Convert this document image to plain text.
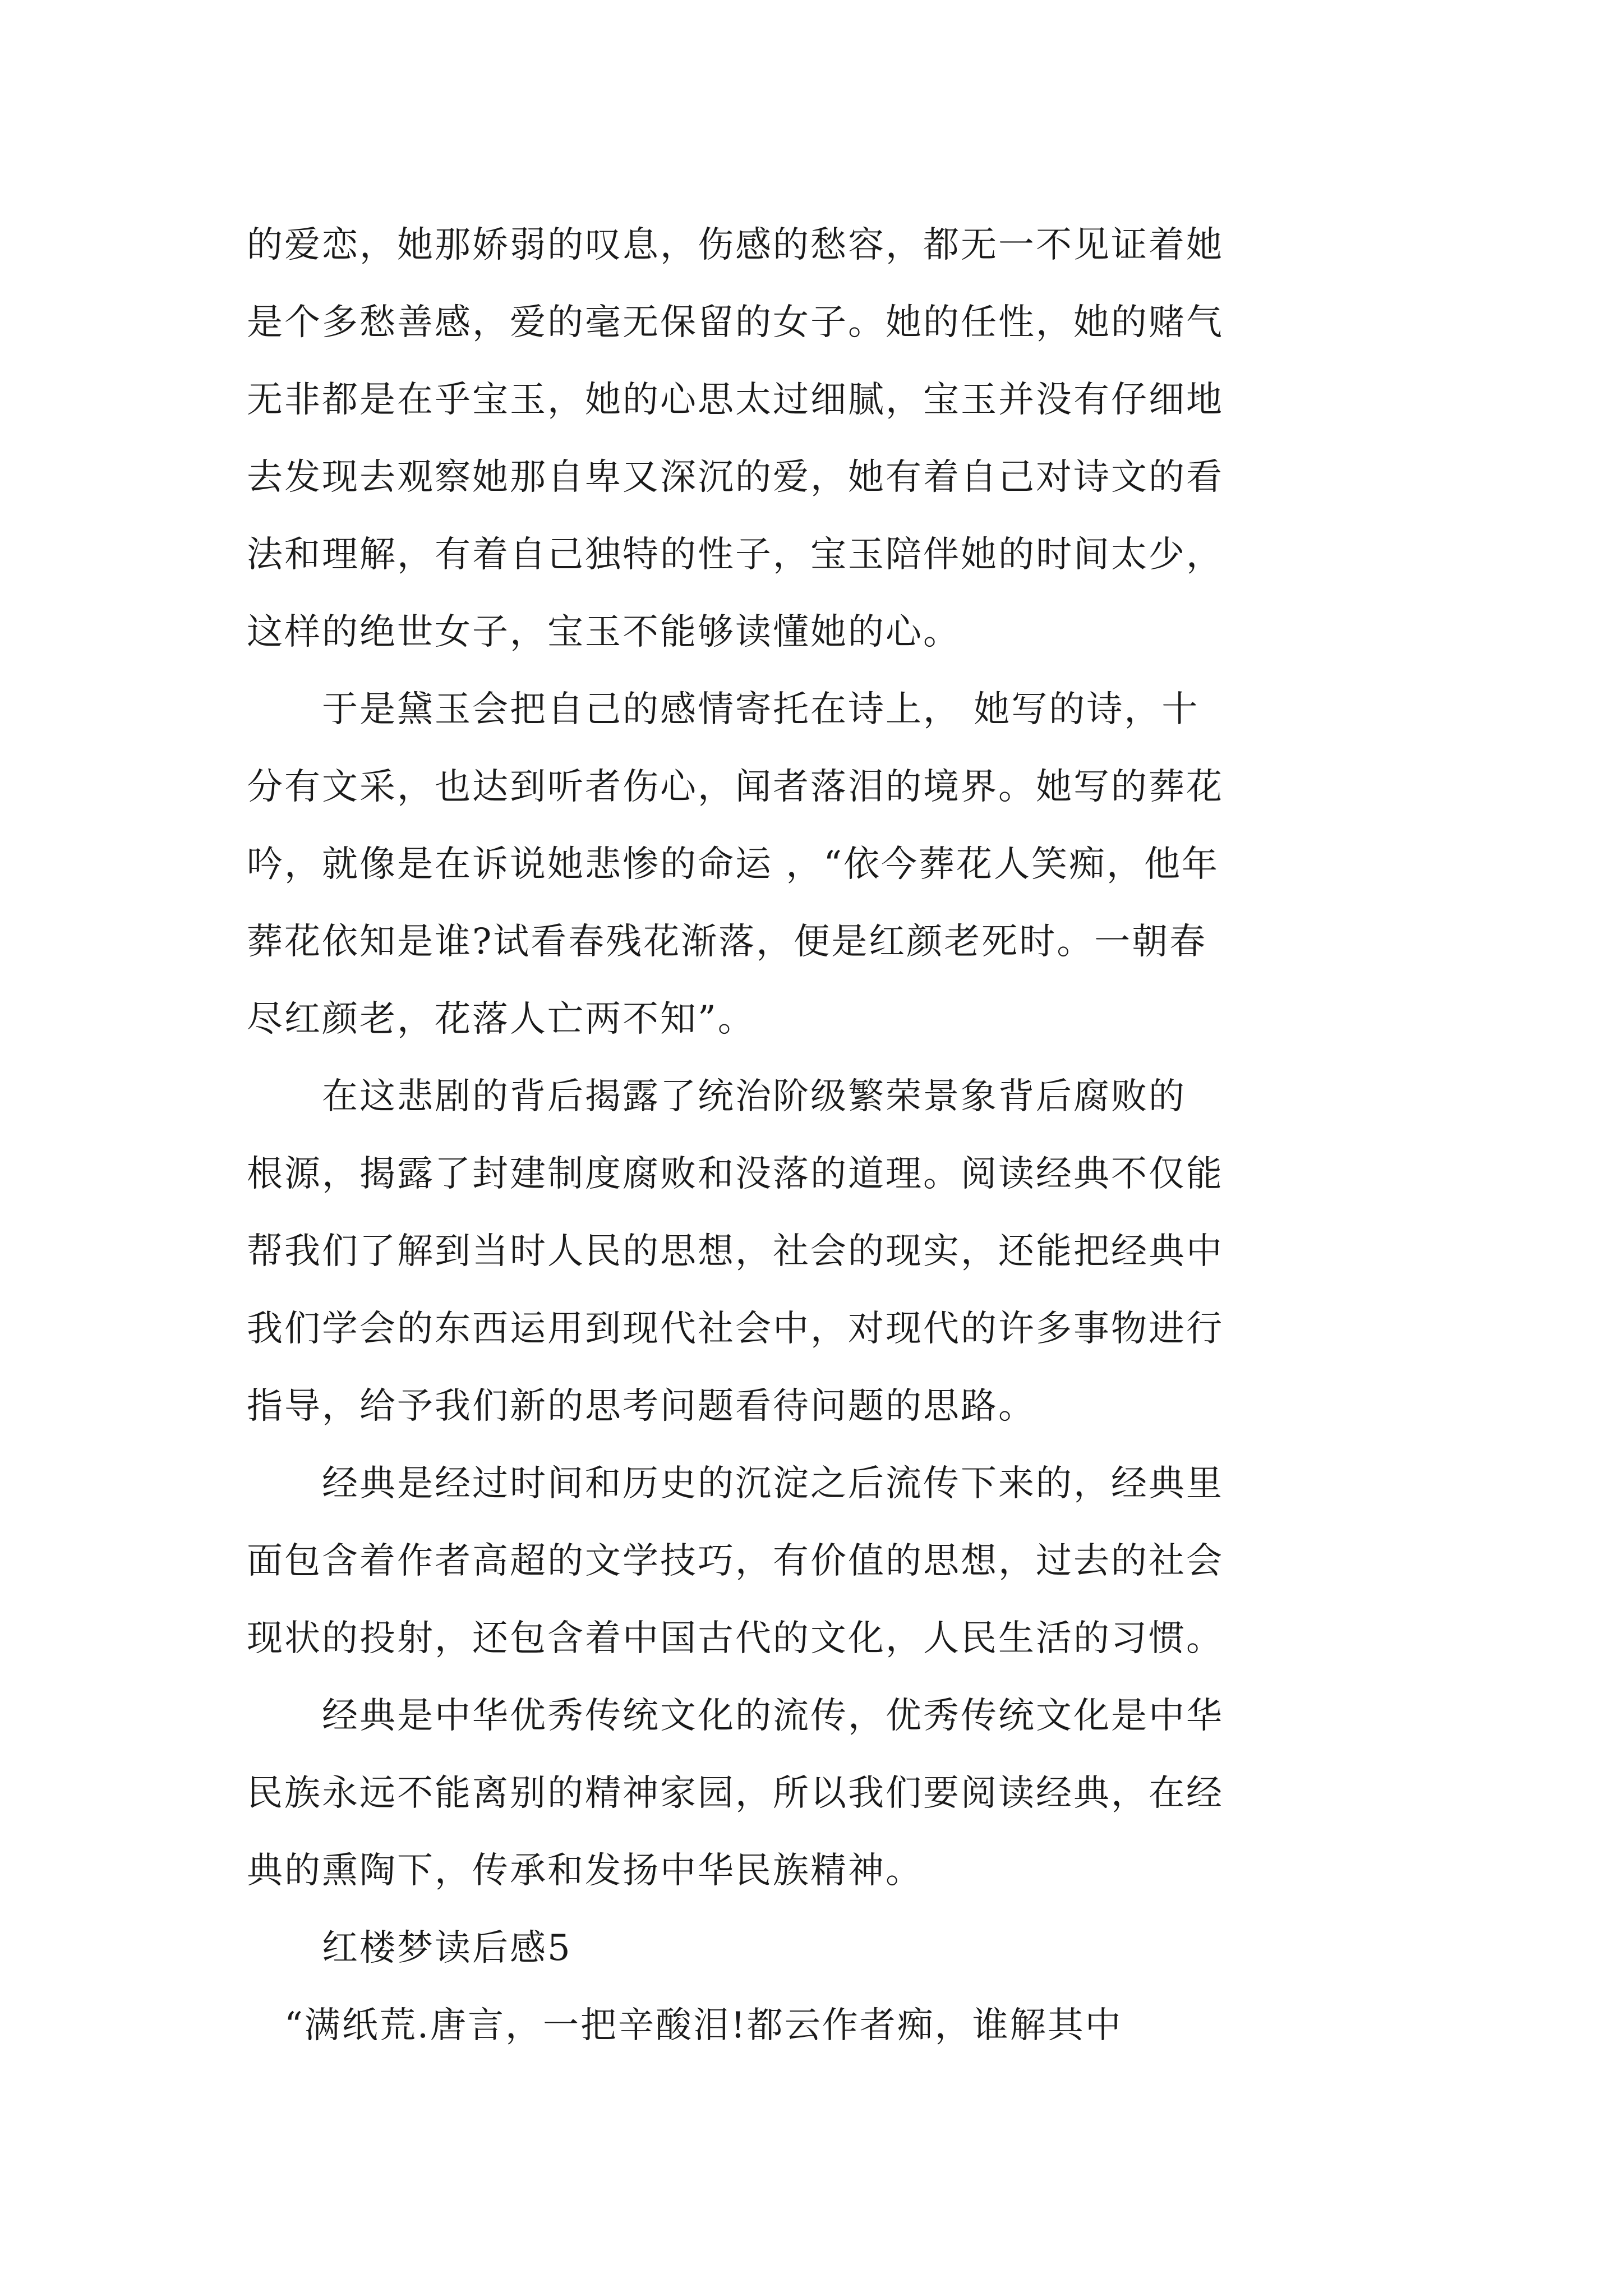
的爱恋，她那娇弱的叹息，伤感的愁容，都无一不见证着她
是个多愁善感，爱的毫无保留的女子。她的任性，她的赌气
无非都是在乎宝玉，她的心思太过细腻，宝玉并没有仔细地
去发现去观察她那自卑又深沉的爱，她有着自己对诗文的看
法和理解，有着自己独特的性子，宝玉陪伴她的时间太少，
这样的绝世女子，宝玉不能够读懂她的心。
　　于是黛玉会把自己的感情寄托在诗上， 她写的诗，十
分有文采，也达到听者伤心，闻者落泪的境界。她写的葬花
吟，就像是在诉说她悲惨的命运 ，“依今葬花人笑痴，他年
葬花依知是谁?试看春残花渐落，便是红颜老死时。一朝春
尽红颜老，花落人亡两不知”。
　　在这悲剧的背后揭露了统治阶级繁荣景象背后腐败的
根源，揭露了封建制度腐败和没落的道理。阅读经典不仅能
帮我们了解到当时人民的思想，社会的现实，还能把经典中
我们学会的东西运用到现代社会中，对现代的许多事物进行
指导，给予我们新的思考问题看待问题的思路。
　　经典是经过时间和历史的沉淀之后流传下来的，经典里
面包含着作者高超的文学技巧，有价值的思想，过去的社会
现状的投射，还包含着中国古代的文化，人民生活的习惯。
　　经典是中华优秀传统文化的流传，优秀传统文化是中华
民族永远不能离别的精神家园，所以我们要阅读经典，在经
典的熏陶下，传承和发扬中华民族精神。
　　红楼梦读后感5
　“满纸荒.唐言，一把辛酸泪!都云作者痴，谁解其中
